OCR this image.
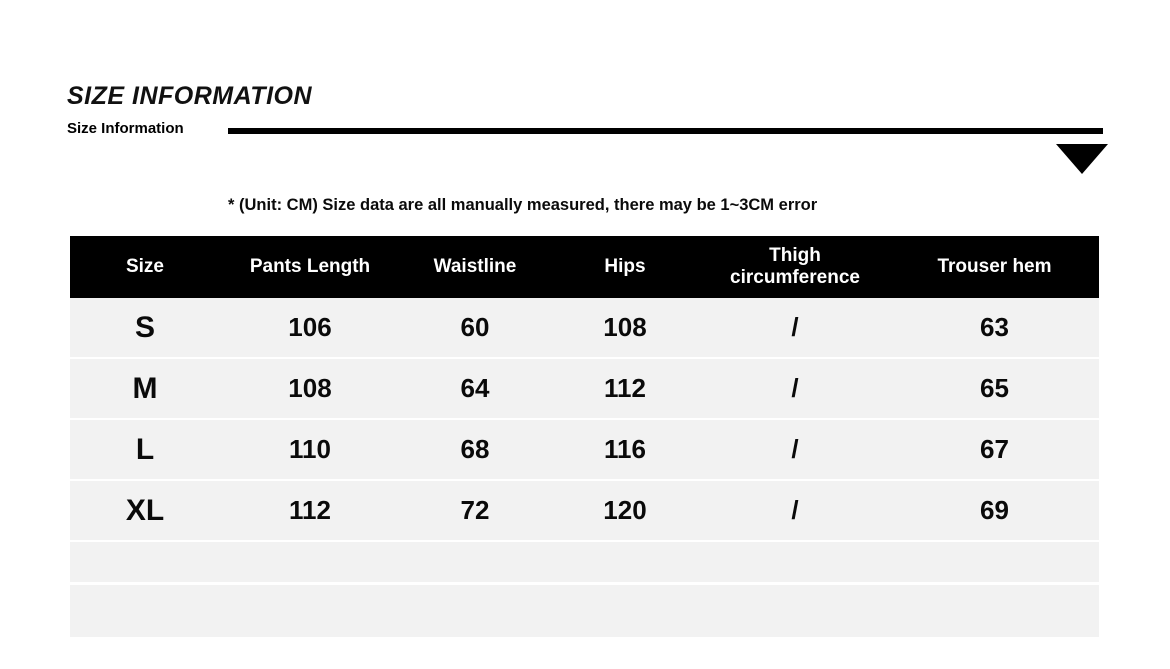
SIZE INFORMATION
Size Information
* (Unit: CM) Size data are all manually measured, there may be 1~3CM error
Size	Pants Length	Waistline	Hips	Thigh
circumference	Trouser hem
S	106	60	108	/	63
M	108	64	112	/	65
L	110	68	116	/	67
XL	112	72	120	/	69
